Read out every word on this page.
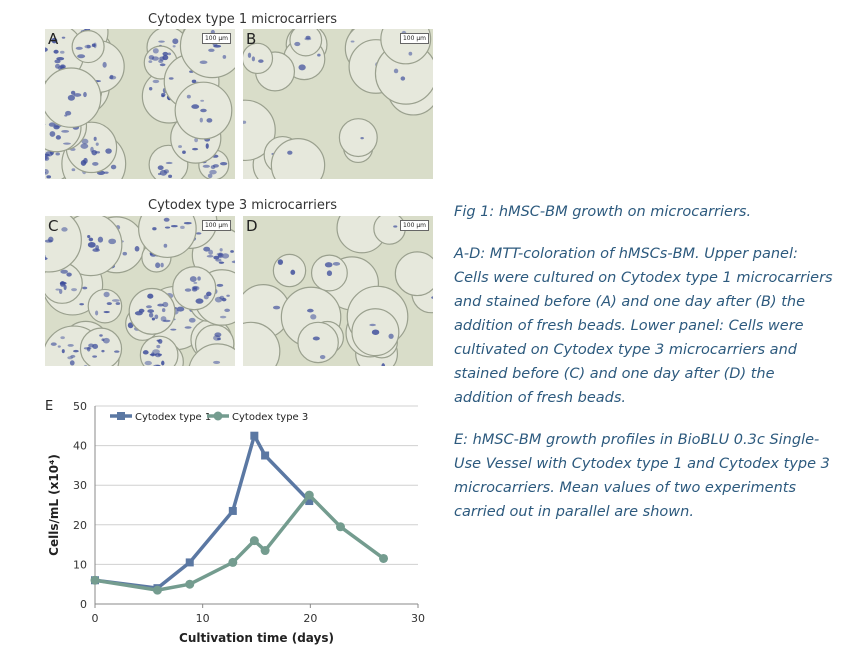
Cytodex type 1 microcarriers
Cytodex type 3 microcarriers
A	100 µm B	100 µm
C	100 µm D	100 µm
E
0
10
20
30
40
50
0	10	20	30
Cultivation time (days)
Cells/mL (x10⁴)
Cytodex type 1 Cytodex type 3

Fig 1: hMSC-BM growth on microcarriers.

A-D: MTT-coloration of hMSCs-BM. Upper panel: Cells were cultured on Cytodex type 1 microcarriers and stained before (A) and one day after (B) the addition of fresh beads. Lower panel: Cells were cultivated on Cytodex type 3 microcarriers and stained before (C) and one day after (D) the addition of fresh beads.

E: hMSC-BM growth profiles in BioBLU 0.3c Single-Use Vessel with Cytodex type 1 and Cytodex type 3 microcarriers. Mean values of two experiments carried out in parallel are shown.
